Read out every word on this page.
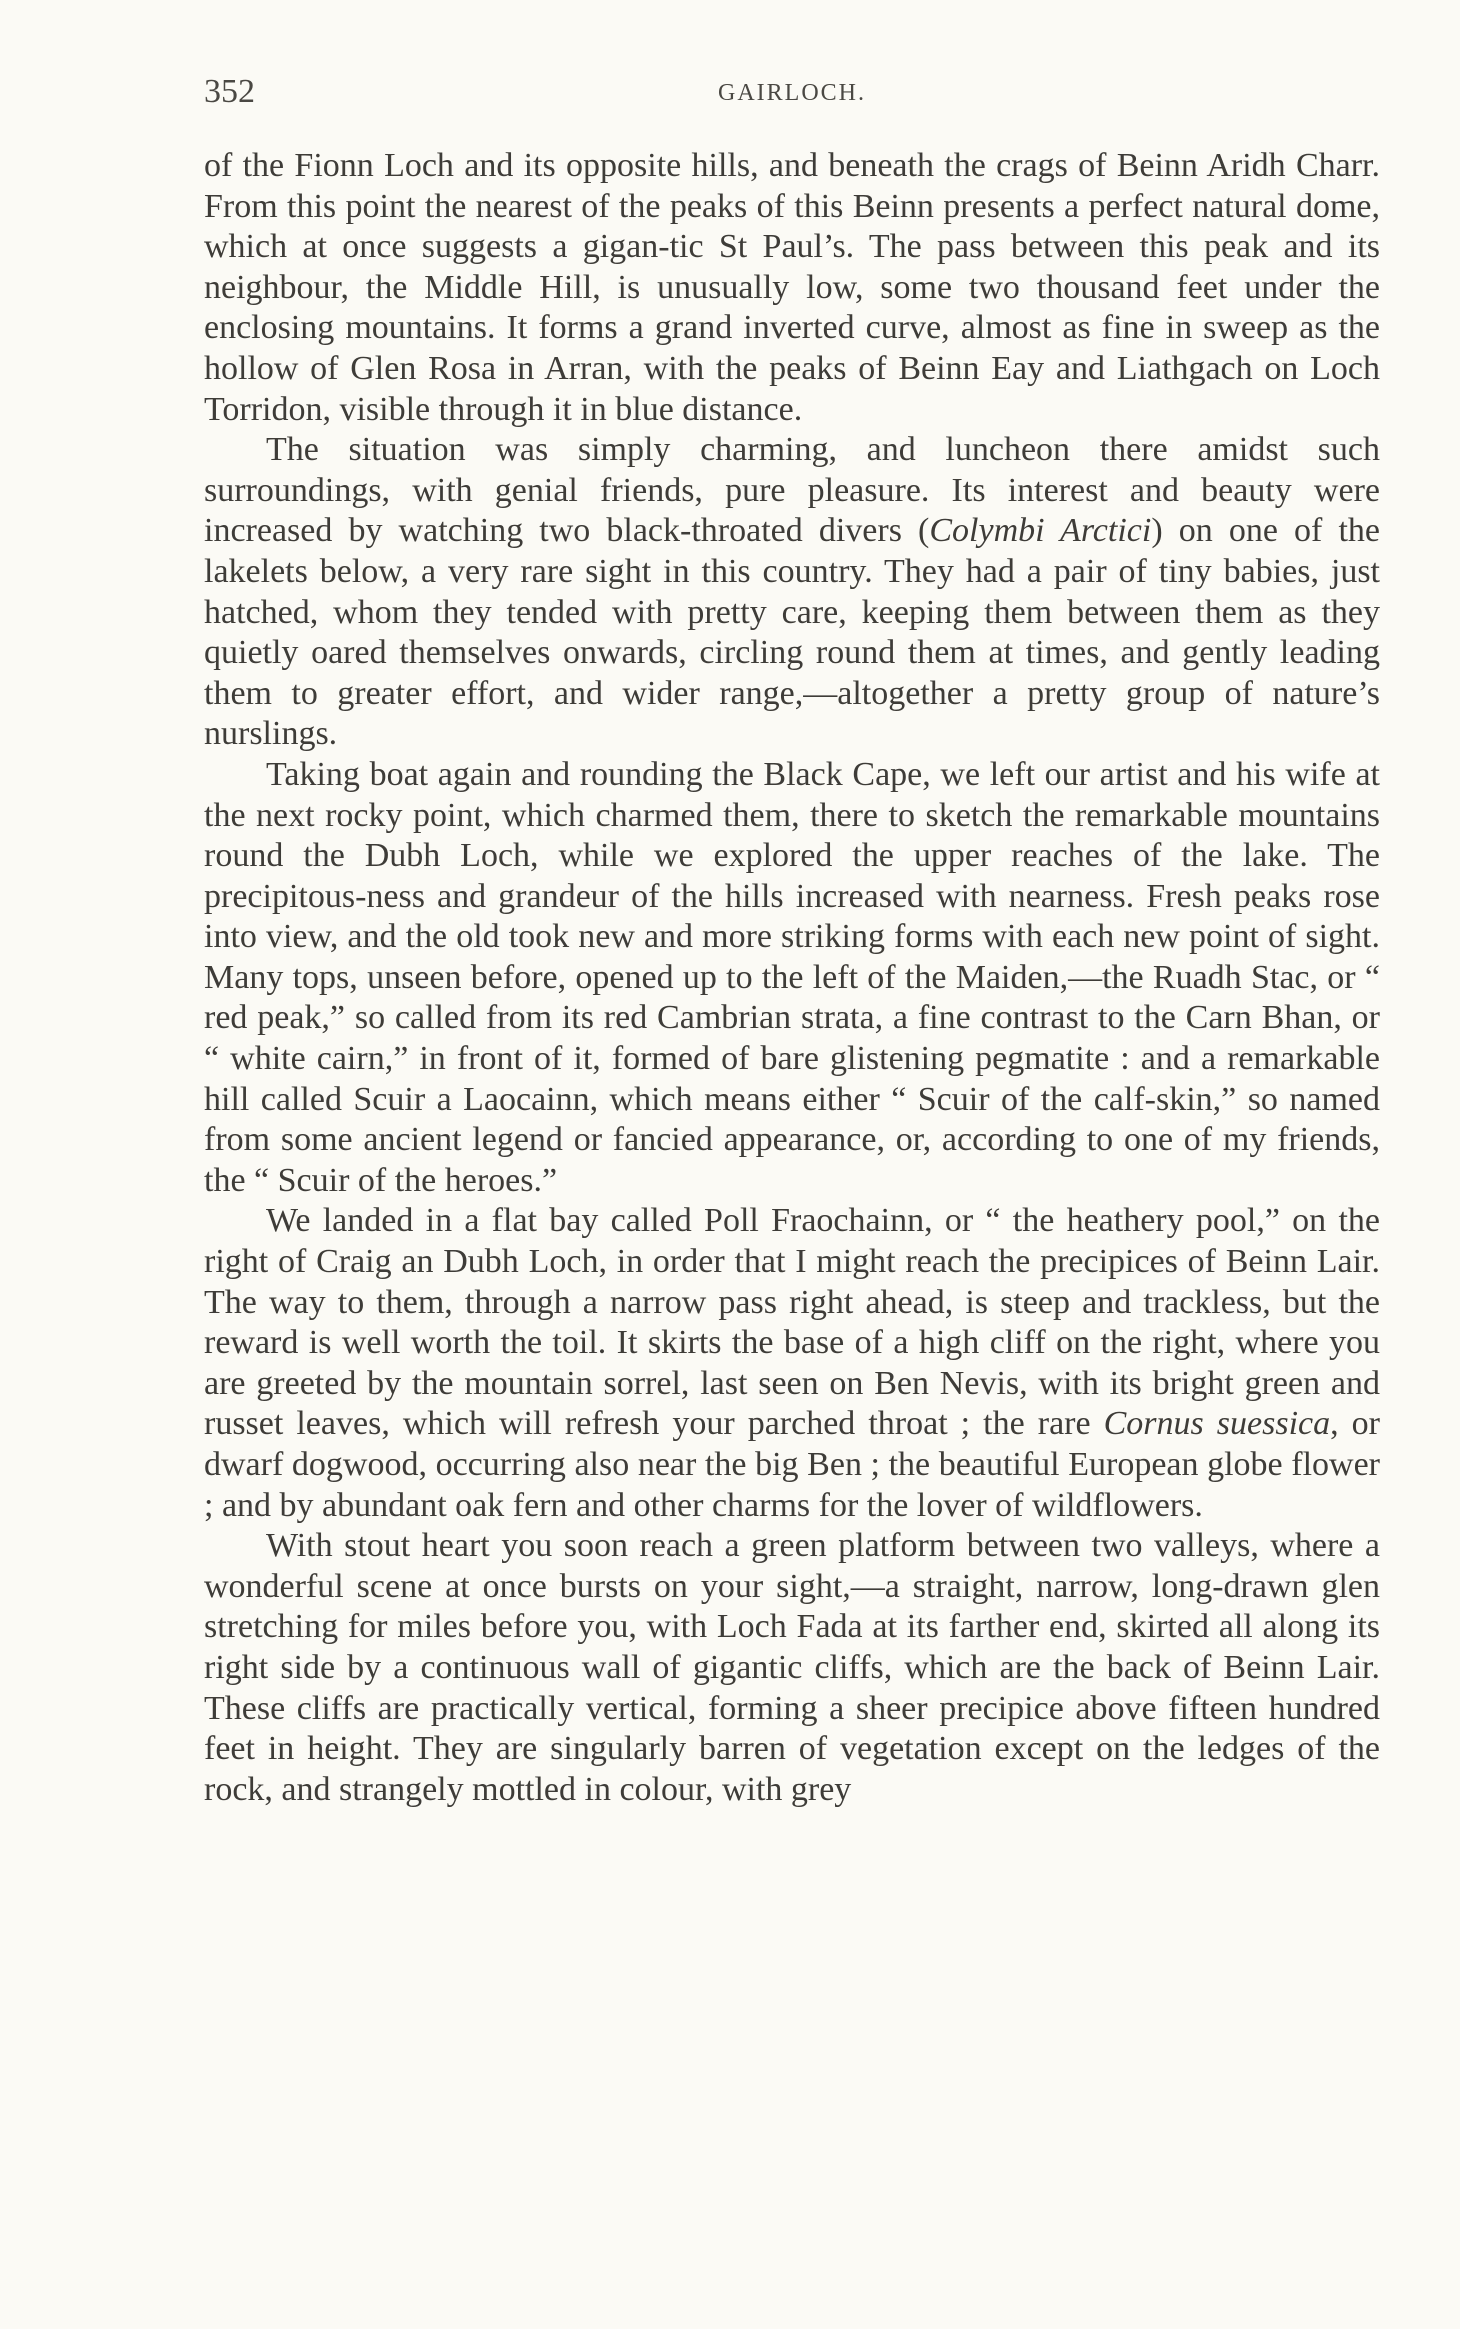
352	GAIRLOCH.

of the Fionn Loch and its opposite hills, and beneath the crags of Beinn Aridh Charr. From this point the nearest of the peaks of this Beinn presents a perfect natural dome, which at once suggests a gigan-tic St Paul’s. The pass between this peak and its neighbour, the Middle Hill, is unusually low, some two thousand feet under the enclosing mountains. It forms a grand inverted curve, almost as fine in sweep as the hollow of Glen Rosa in Arran, with the peaks of Beinn Eay and Liathgach on Loch Torridon, visible through it in blue distance.

The situation was simply charming, and luncheon there amidst such surroundings, with genial friends, pure pleasure. Its interest and beauty were increased by watching two black-throated divers (Colymbi Arctici) on one of the lakelets below, a very rare sight in this country. They had a pair of tiny babies, just hatched, whom they tended with pretty care, keeping them between them as they quietly oared themselves onwards, circling round them at times, and gently leading them to greater effort, and wider range,—altogether a pretty group of nature’s nurslings.

Taking boat again and rounding the Black Cape, we left our artist and his wife at the next rocky point, which charmed them, there to sketch the remarkable mountains round the Dubh Loch, while we explored the upper reaches of the lake. The precipitous-ness and grandeur of the hills increased with nearness. Fresh peaks rose into view, and the old took new and more striking forms with each new point of sight. Many tops, unseen before, opened up to the left of the Maiden,—the Ruadh Stac, or “ red peak,” so called from its red Cambrian strata, a fine contrast to the Carn Bhan, or “ white cairn,” in front of it, formed of bare glistening pegmatite : and a remarkable hill called Scuir a Laocainn, which means either “ Scuir of the calf-skin,” so named from some ancient legend or fancied appearance, or, according to one of my friends, the “ Scuir of the heroes.”

We landed in a flat bay called Poll Fraochainn, or “ the heathery pool,” on the right of Craig an Dubh Loch, in order that I might reach the precipices of Beinn Lair. The way to them, through a narrow pass right ahead, is steep and trackless, but the reward is well worth the toil. It skirts the base of a high cliff on the right, where you are greeted by the mountain sorrel, last seen on Ben Nevis, with its bright green and russet leaves, which will refresh your parched throat ; the rare Cornus suessica, or dwarf dogwood, occurring also near the big Ben ; the beautiful European globe flower ; and by abundant oak fern and other charms for the lover of wildflowers.

With stout heart you soon reach a green platform between two valleys, where a wonderful scene at once bursts on your sight,—a straight, narrow, long-drawn glen stretching for miles before you, with Loch Fada at its farther end, skirted all along its right side by a continuous wall of gigantic cliffs, which are the back of Beinn Lair. These cliffs are practically vertical, forming a sheer precipice above fifteen hundred feet in height. They are singularly barren of vegetation except on the ledges of the rock, and strangely mottled in colour, with grey
